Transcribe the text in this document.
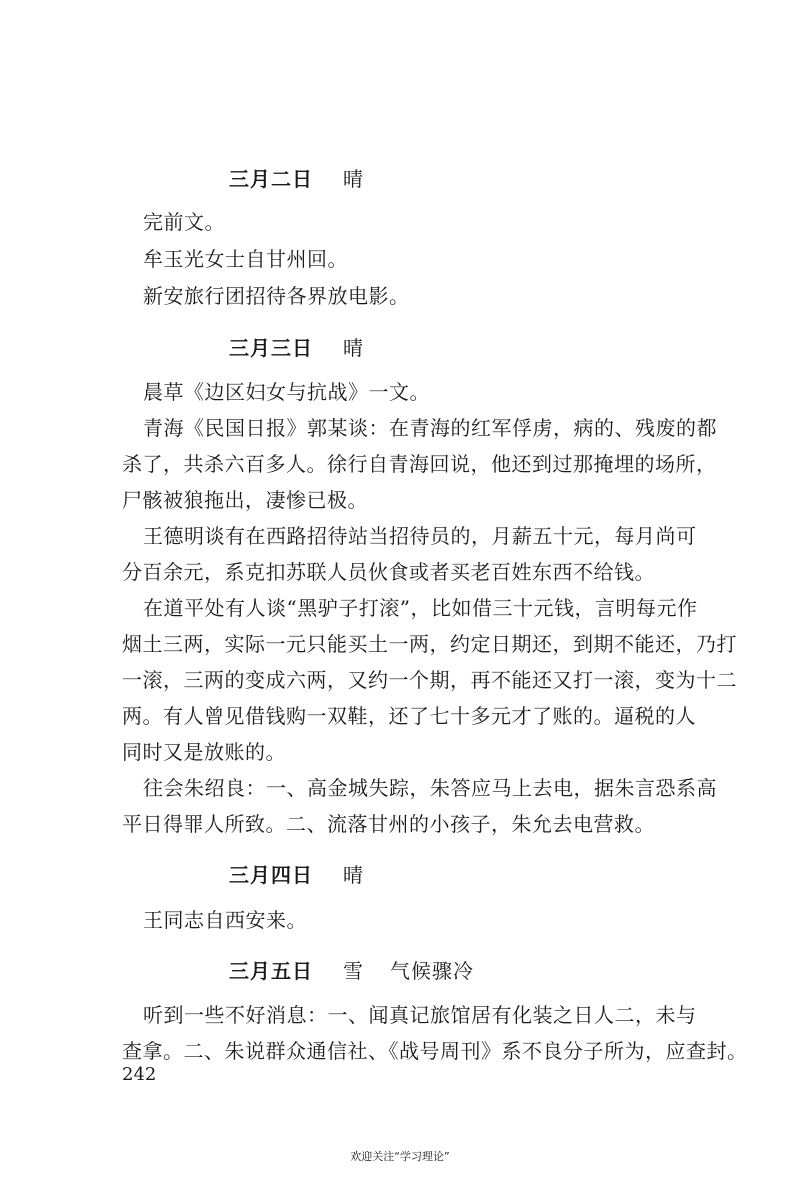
三月二日 晴
完前文。
牟玉光女士自甘州回。
新安旅行团招待各界放电影。
三月三日 晴
晨草《边区妇女与抗战》一文。
青海《民国日报》郭某谈：在青海的红军俘虏，病的、残废的都
杀了，共杀六百多人。徐行自青海回说，他还到过那掩埋的场所，
尸骸被狼拖出，凄惨已极。
王德明谈有在西路招待站当招待员的，月薪五十元，每月尚可
分百余元，系克扣苏联人员伙食或者买老百姓东西不给钱。
在道平处有人谈“黑驴子打滚”，比如借三十元钱，言明每元作
烟土三两，实际一元只能买土一两，约定日期还，到期不能还，乃打
一滚，三两的变成六两，又约一个期，再不能还又打一滚，变为十二
两。有人曾见借钱购一双鞋，还了七十多元才了账的。逼税的人
同时又是放账的。
往会朱绍良：一、高金城失踪，朱答应马上去电，据朱言恐系高
平日得罪人所致。二、流落甘州的小孩子，朱允去电营救。
三月四日 晴
王同志自西安来。
三月五日 雪 气候骤冷
听到一些不好消息：一、闻真记旅馆居有化装之日人二，未与
查拿。二、朱说群众通信社、《战号周刊》系不良分子所为，应查封。
242
欢迎关注“学习理论”
